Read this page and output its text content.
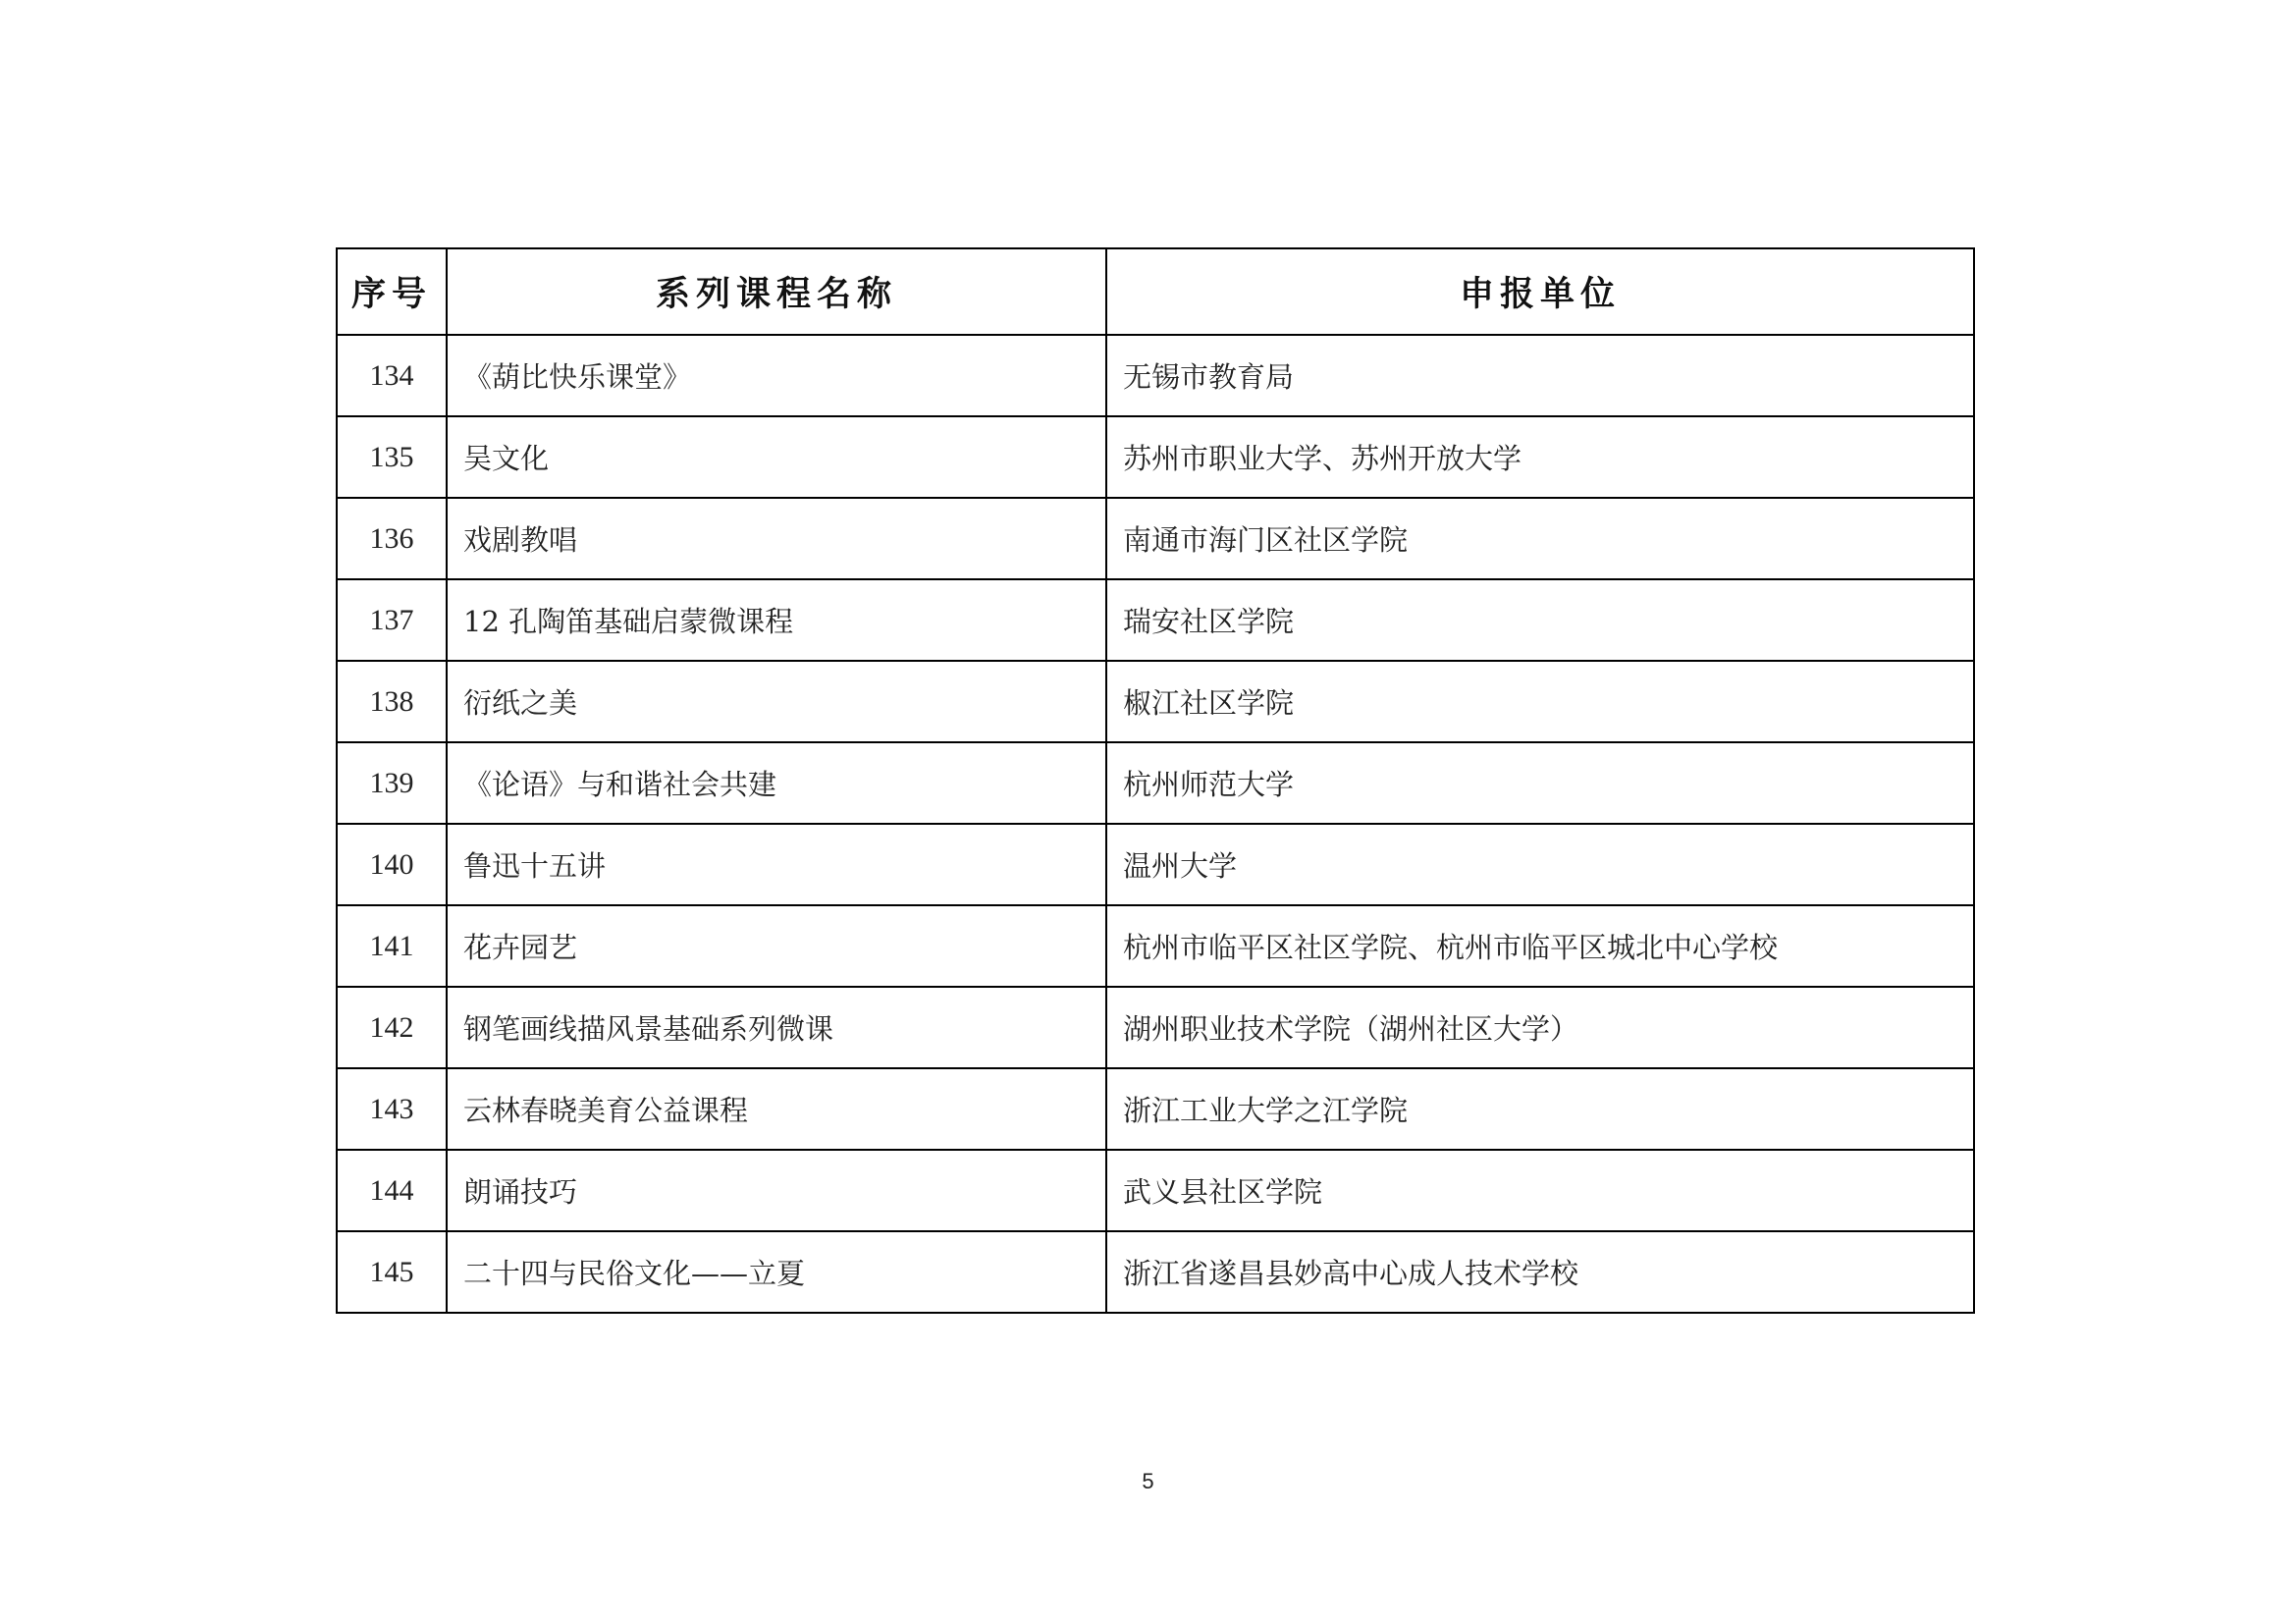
序号	系列课程名称	申报单位
134	《葫比快乐课堂》	无锡市教育局
135	吴文化	苏州市职业大学、苏州开放大学
136	戏剧教唱	南通市海门区社区学院
137	12 孔陶笛基础启蒙微课程	瑞安社区学院
138	衍纸之美	椒江社区学院
139	《论语》与和谐社会共建	杭州师范大学
140	鲁迅十五讲	温州大学
141	花卉园艺	杭州市临平区社区学院、杭州市临平区城北中心学校
142	钢笔画线描风景基础系列微课	湖州职业技术学院（湖州社区大学）
143	云林春晓美育公益课程	浙江工业大学之江学院
144	朗诵技巧	武义县社区学院
145	二十四与民俗文化——立夏	浙江省遂昌县妙高中心成人技术学校
5
